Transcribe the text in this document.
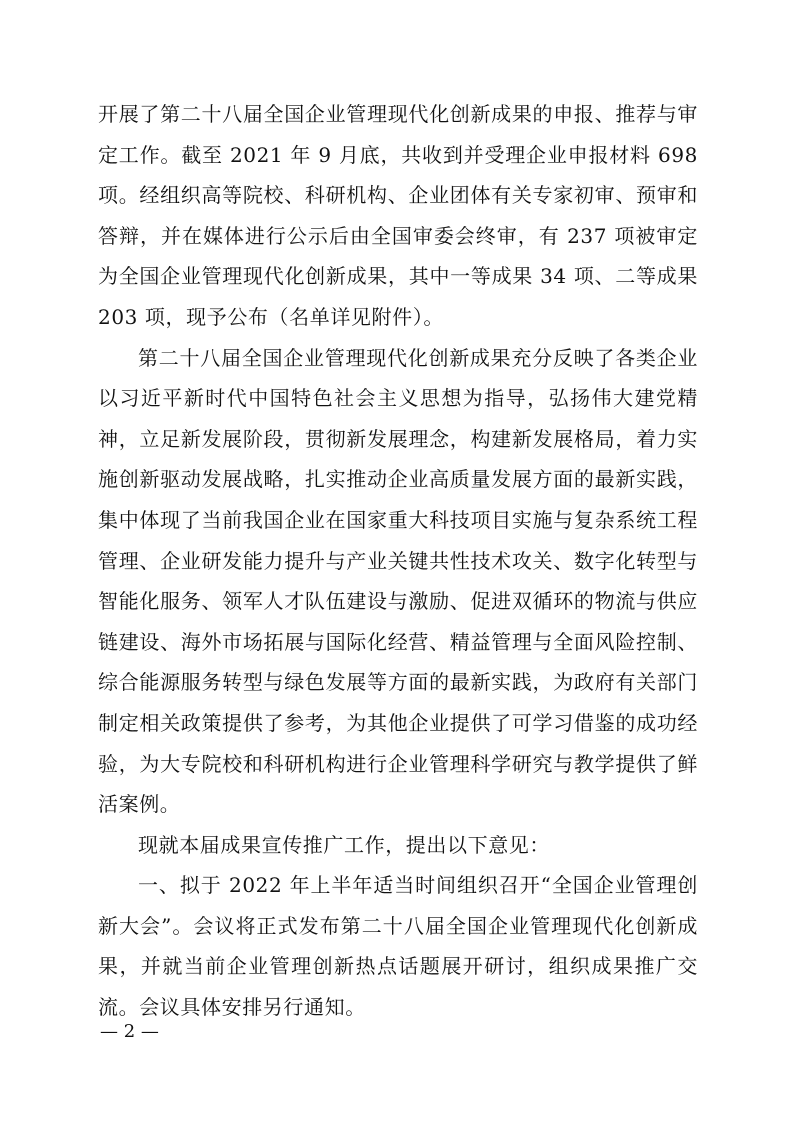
开展了第二十八届全国企业管理现代化创新成果的申报、推荐与审定工作。截至 2021 年 9 月底，共收到并受理企业申报材料 698 项。经组织高等院校、科研机构、企业团体有关专家初审、预审和答辩，并在媒体进行公示后由全国审委会终审，有 237 项被审定为全国企业管理现代化创新成果，其中一等成果 34 项、二等成果 203 项，现予公布（名单详见附件）。

第二十八届全国企业管理现代化创新成果充分反映了各类企业以习近平新时代中国特色社会主义思想为指导，弘扬伟大建党精神，立足新发展阶段，贯彻新发展理念，构建新发展格局，着力实施创新驱动发展战略，扎实推动企业高质量发展方面的最新实践，集中体现了当前我国企业在国家重大科技项目实施与复杂系统工程管理、企业研发能力提升与产业关键共性技术攻关、数字化转型与智能化服务、领军人才队伍建设与激励、促进双循环的物流与供应链建设、海外市场拓展与国际化经营、精益管理与全面风险控制、综合能源服务转型与绿色发展等方面的最新实践，为政府有关部门制定相关政策提供了参考，为其他企业提供了可学习借鉴的成功经验，为大专院校和科研机构进行企业管理科学研究与教学提供了鲜活案例。

现就本届成果宣传推广工作，提出以下意见：

一、拟于 2022 年上半年适当时间组织召开“全国企业管理创新大会”。会议将正式发布第二十八届全国企业管理现代化创新成果，并就当前企业管理创新热点话题展开研讨，组织成果推广交流。会议具体安排另行通知。

— 2 —
